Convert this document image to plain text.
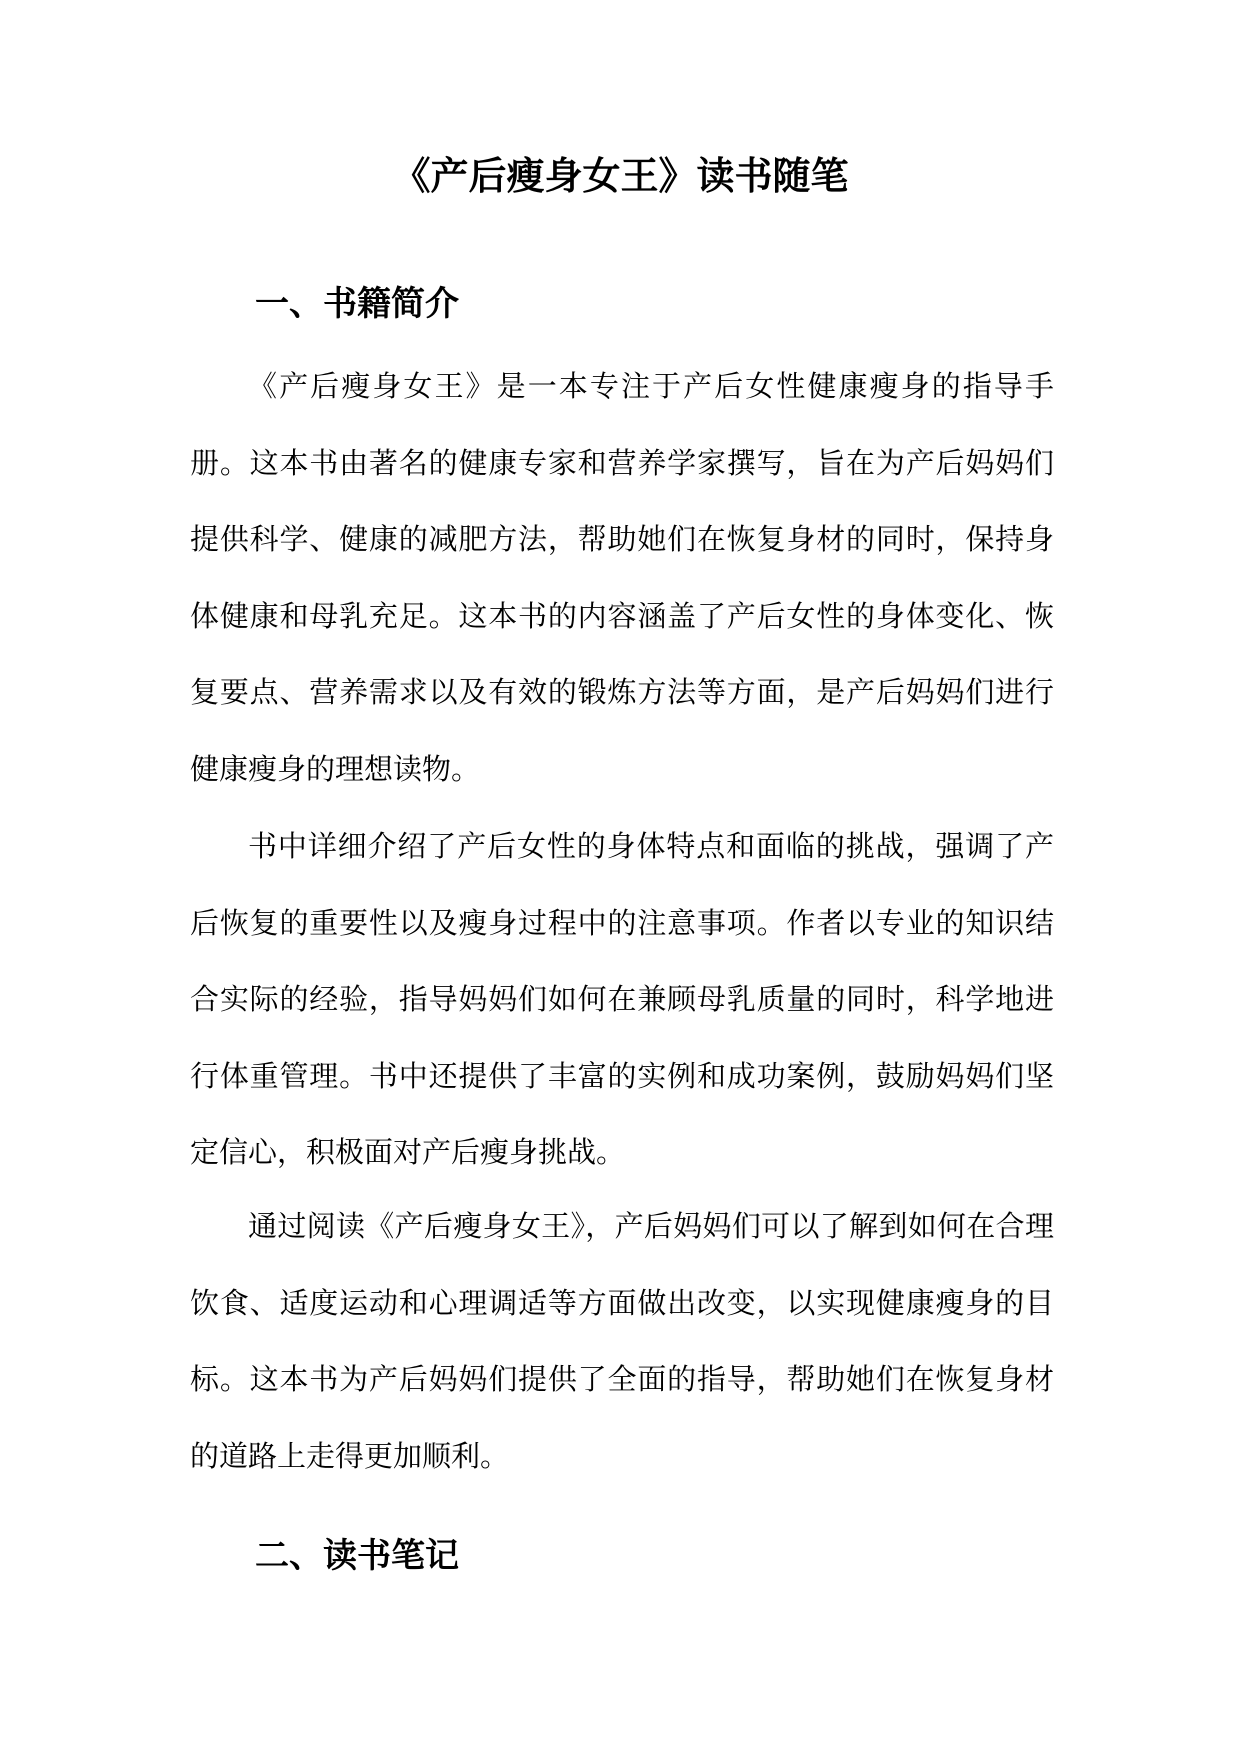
《产后瘦身女王》读书随笔
一、书籍简介

《产后瘦身女王》是一本专注于产后女性健康瘦身的指导手册。这本书由著名的健康专家和营养学家撰写，旨在为产后妈妈们提供科学、健康的减肥方法，帮助她们在恢复身材的同时，保持身体健康和母乳充足。这本书的内容涵盖了产后女性的身体变化、恢复要点、营养需求以及有效的锻炼方法等方面，是产后妈妈们进行健康瘦身的理想读物。

书中详细介绍了产后女性的身体特点和面临的挑战，强调了产后恢复的重要性以及瘦身过程中的注意事项。作者以专业的知识结合实际的经验，指导妈妈们如何在兼顾母乳质量的同时，科学地进行体重管理。书中还提供了丰富的实例和成功案例，鼓励妈妈们坚定信心，积极面对产后瘦身挑战。

通过阅读《产后瘦身女王》，产后妈妈们可以了解到如何在合理饮食、适度运动和心理调适等方面做出改变，以实现健康瘦身的目标。这本书为产后妈妈们提供了全面的指导，帮助她们在恢复身材的道路上走得更加顺利。

二、读书笔记
